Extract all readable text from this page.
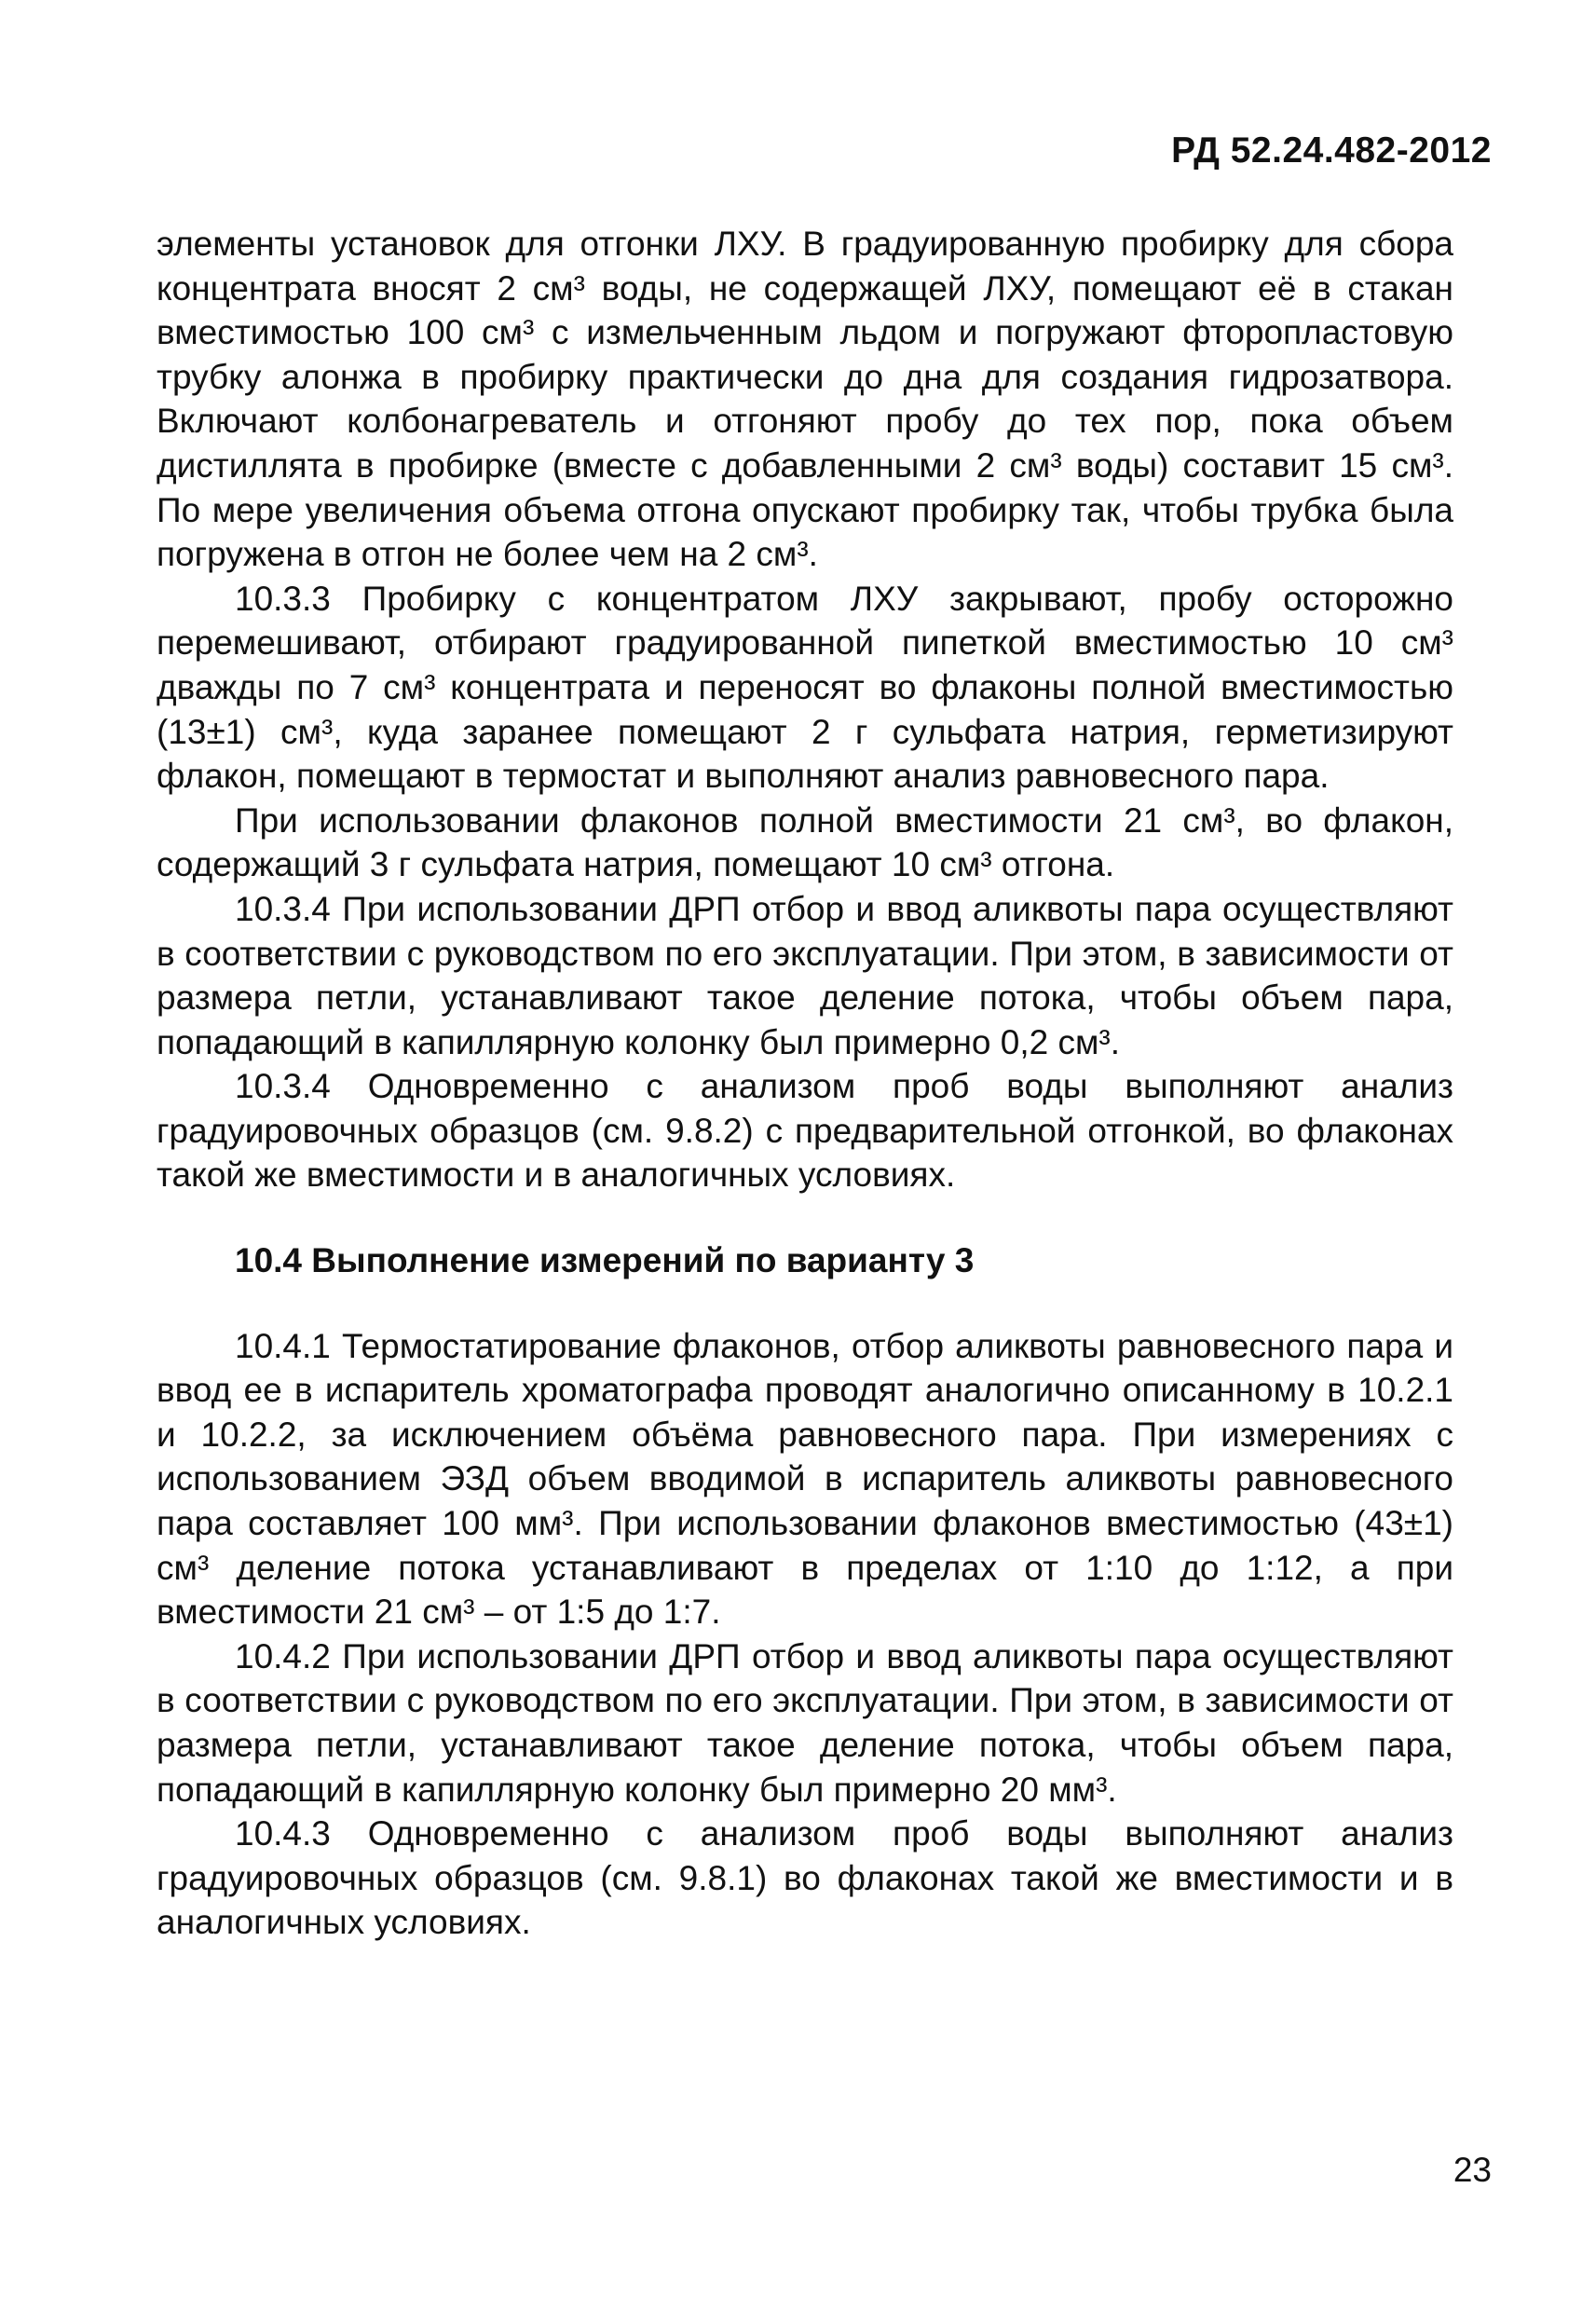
РД 52.24.482-2012

элементы установок для отгонки ЛХУ. В градуированную пробирку для сбора концентрата вносят 2 см³ воды, не содержащей ЛХУ, помещают её в стакан вместимостью 100 см³ с измельченным льдом и погружают фторопластовую трубку алонжа в пробирку практически до дна для создания гидрозатвора. Включают колбонагреватель и отгоняют пробу до тех пор, пока объем дистиллята в пробирке (вместе с добавленными 2 см³ воды) составит 15 см³. По мере увеличения объема отгона опускают пробирку так, чтобы трубка была погружена в отгон не более чем на 2 см³.

10.3.3 Пробирку с концентратом ЛХУ закрывают, пробу осторожно перемешивают, отбирают градуированной пипеткой вместимостью 10 см³ дважды по 7 см³ концентрата и переносят во флаконы полной вместимостью (13±1) см³, куда заранее помещают 2 г сульфата натрия, герметизируют флакон, помещают в термостат и выполняют анализ равновесного пара.

При использовании флаконов полной вместимости 21 см³, во флакон, содержащий 3 г сульфата натрия, помещают 10 см³ отгона.

10.3.4 При использовании ДРП отбор и ввод аликвоты пара осуществляют в соответствии с руководством по его эксплуатации. При этом, в зависимости от размера петли, устанавливают такое деление потока, чтобы объем пара, попадающий в капиллярную колонку был примерно 0,2 см³.

10.3.4 Одновременно с анализом проб воды выполняют анализ градуировочных образцов (см. 9.8.2) с предварительной отгонкой, во флаконах такой же вместимости и в аналогичных условиях.

10.4 Выполнение измерений по варианту 3

10.4.1 Термостатирование флаконов, отбор аликвоты равновесного пара и ввод ее в испаритель хроматографа проводят аналогично описанному в 10.2.1 и 10.2.2, за исключением объёма равновесного пара. При измерениях с использованием ЭЗД объем вводимой в испаритель аликвоты равновесного пара составляет 100 мм³. При использовании флаконов вместимостью (43±1) см³ деление потока устанавливают в пределах от 1:10 до 1:12, а при вместимости 21 см³ – от 1:5 до 1:7.

10.4.2 При использовании ДРП отбор и ввод аликвоты пара осуществляют в соответствии с руководством по его эксплуатации. При этом, в зависимости от размера петли, устанавливают такое деление потока, чтобы объем пара, попадающий в капиллярную колонку был примерно 20 мм³.

10.4.3 Одновременно с анализом проб воды выполняют анализ градуировочных образцов (см. 9.8.1) во флаконах такой же вместимости и в аналогичных условиях.

23
